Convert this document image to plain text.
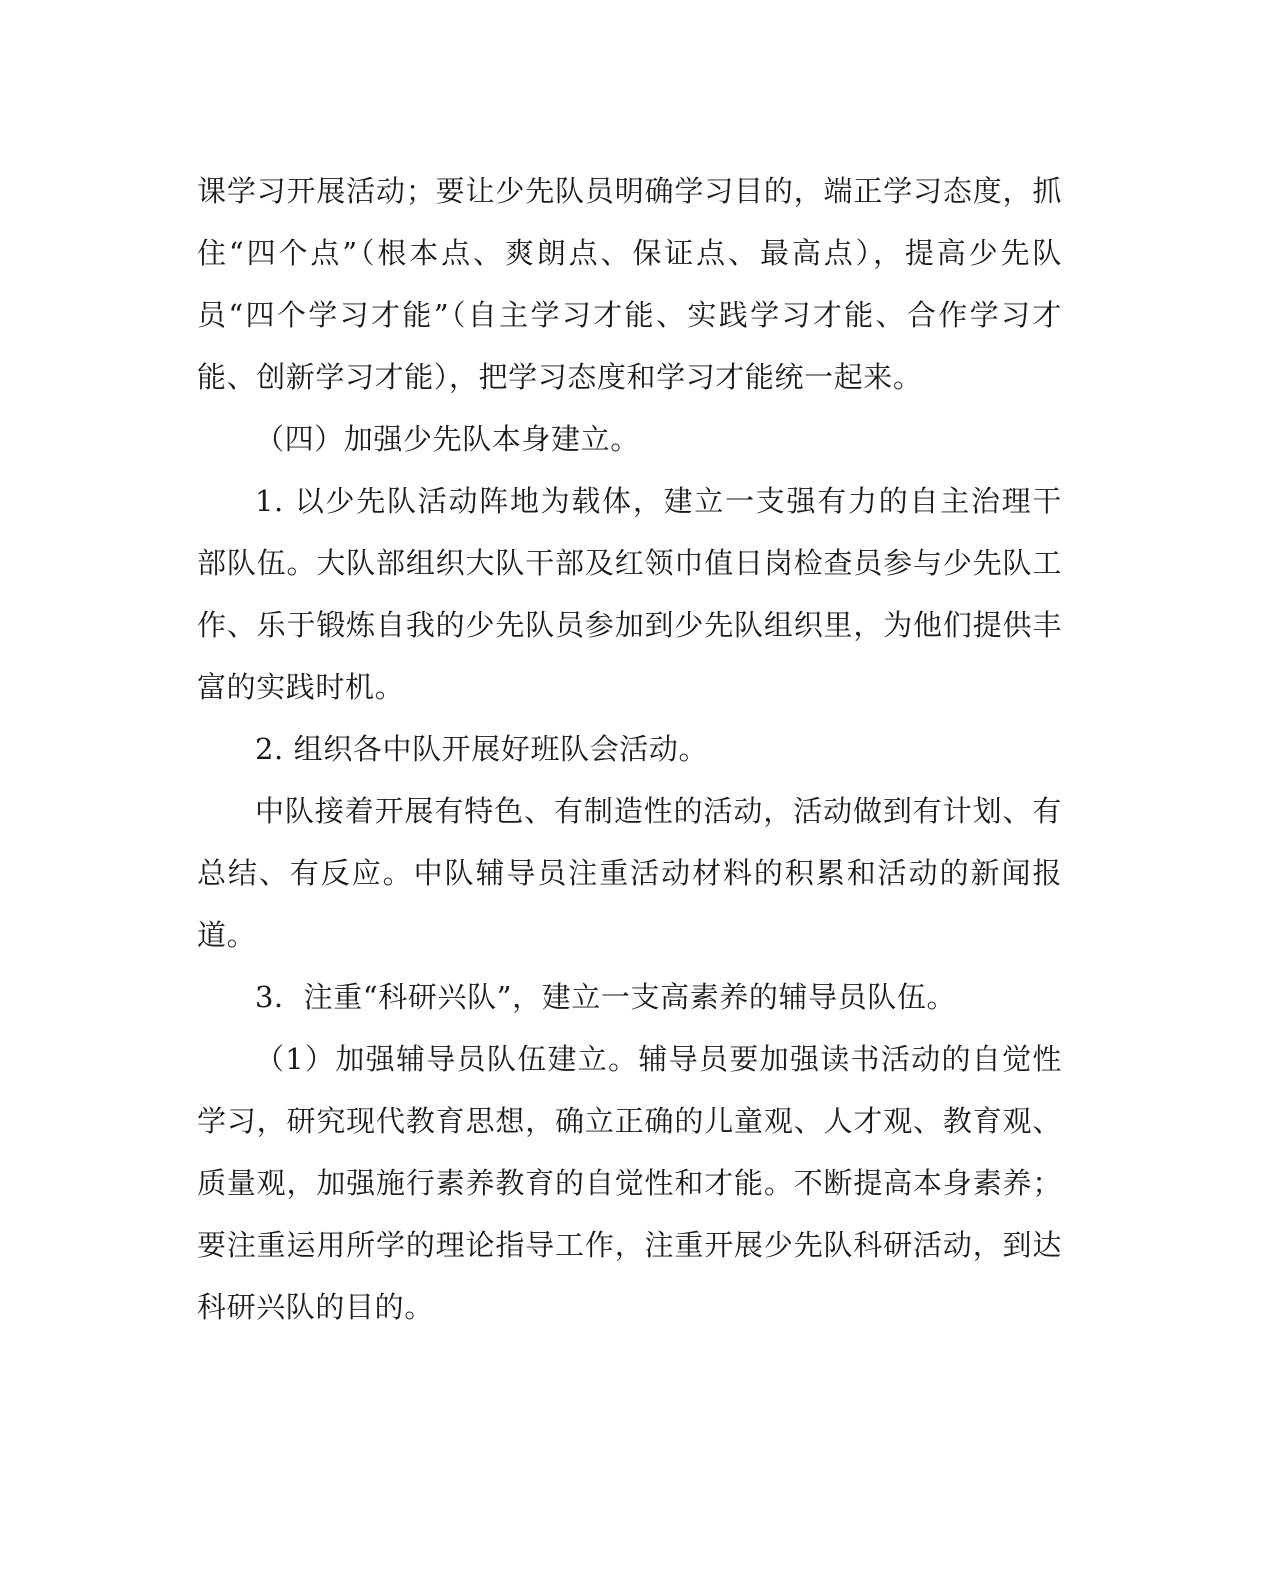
课学习开展活动；要让少先队员明确学习目的，端正学习态度，抓住“四个点”（根本点、爽朗点、保证点、最高点），提高少先队员“四个学习才能”（自主学习才能、实践学习才能、合作学习才能、创新学习才能），把学习态度和学习才能统一起来。

（四）加强少先队本身建立。

1. 以少先队活动阵地为载体，建立一支强有力的自主治理干部队伍。大队部组织大队干部及红领巾值日岗检查员参与少先队工作、乐于锻炼自我的少先队员参加到少先队组织里，为他们提供丰富的实践时机。

2. 组织各中队开展好班队会活动。

中队接着开展有特色、有制造性的活动，活动做到有计划、有总结、有反应。中队辅导员注重活动材料的积累和活动的新闻报道。

3．注重“科研兴队”，建立一支高素养的辅导员队伍。

（1）加强辅导员队伍建立。辅导员要加强读书活动的自觉性学习，研究现代教育思想，确立正确的儿童观、人才观、教育观、质量观，加强施行素养教育的自觉性和才能。不断提高本身素养；要注重运用所学的理论指导工作，注重开展少先队科研活动，到达科研兴队的目的。
